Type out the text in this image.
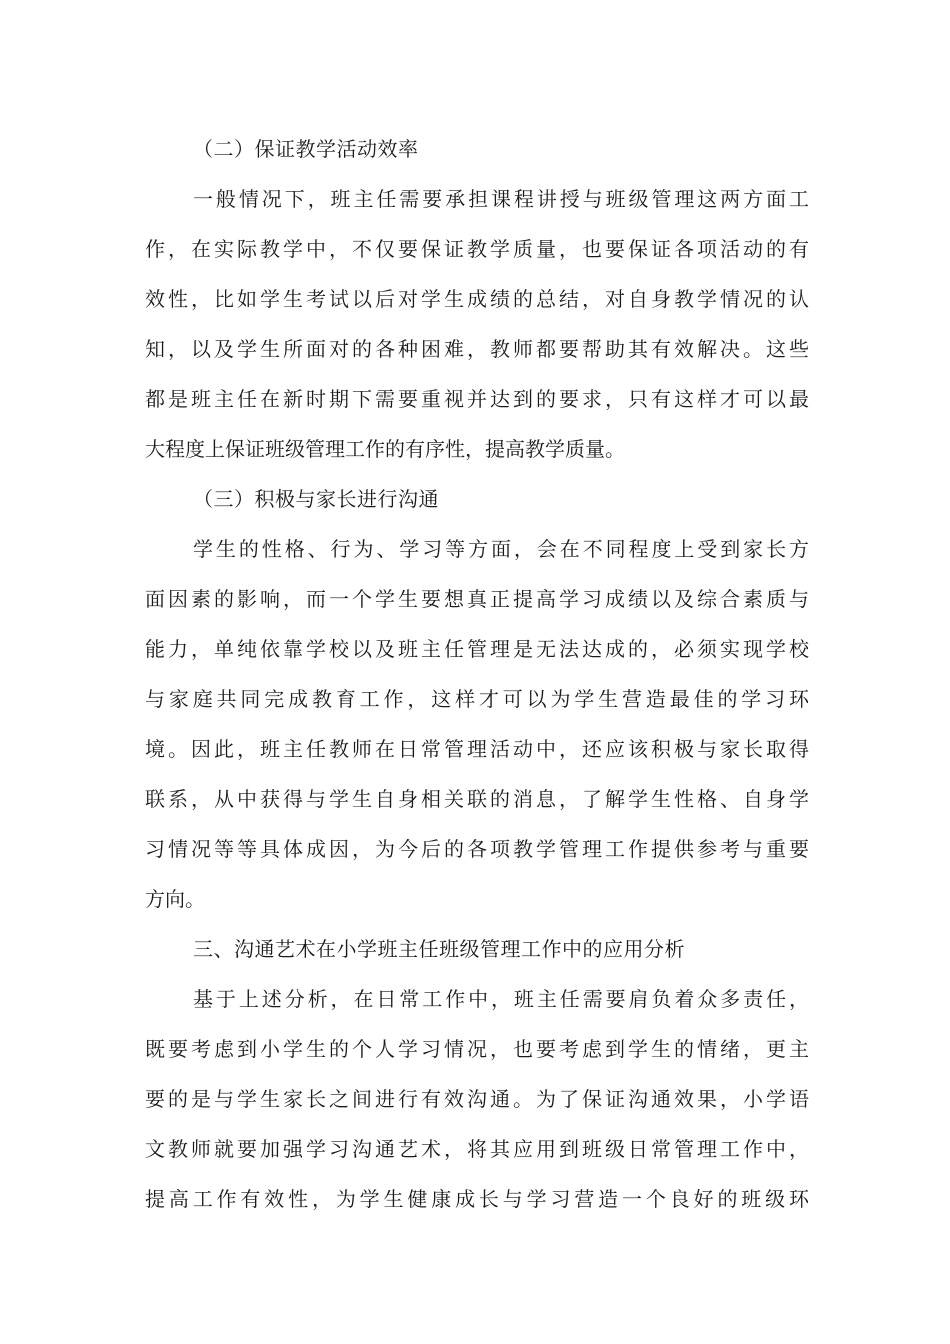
（二）保证教学活动效率
一般情况下，班主任需要承担课程讲授与班级管理这两方面工
作，在实际教学中，不仅要保证教学质量，也要保证各项活动的有
效性，比如学生考试以后对学生成绩的总结，对自身教学情况的认
知，以及学生所面对的各种困难，教师都要帮助其有效解决。这些
都是班主任在新时期下需要重视并达到的要求，只有这样才可以最
大程度上保证班级管理工作的有序性，提高教学质量。
（三）积极与家长进行沟通
学生的性格、行为、学习等方面，会在不同程度上受到家长方
面因素的影响，而一个学生要想真正提高学习成绩以及综合素质与
能力，单纯依靠学校以及班主任管理是无法达成的，必须实现学校
与家庭共同完成教育工作，这样才可以为学生营造最佳的学习环
境。因此，班主任教师在日常管理活动中，还应该积极与家长取得
联系，从中获得与学生自身相关联的消息，了解学生性格、自身学
习情况等等具体成因，为今后的各项教学管理工作提供参考与重要
方向。
三、沟通艺术在小学班主任班级管理工作中的应用分析
基于上述分析，在日常工作中，班主任需要肩负着众多责任，
既要考虑到小学生的个人学习情况，也要考虑到学生的情绪，更主
要的是与学生家长之间进行有效沟通。为了保证沟通效果，小学语
文教师就要加强学习沟通艺术，将其应用到班级日常管理工作中，
提高工作有效性，为学生健康成长与学习营造一个良好的班级环
